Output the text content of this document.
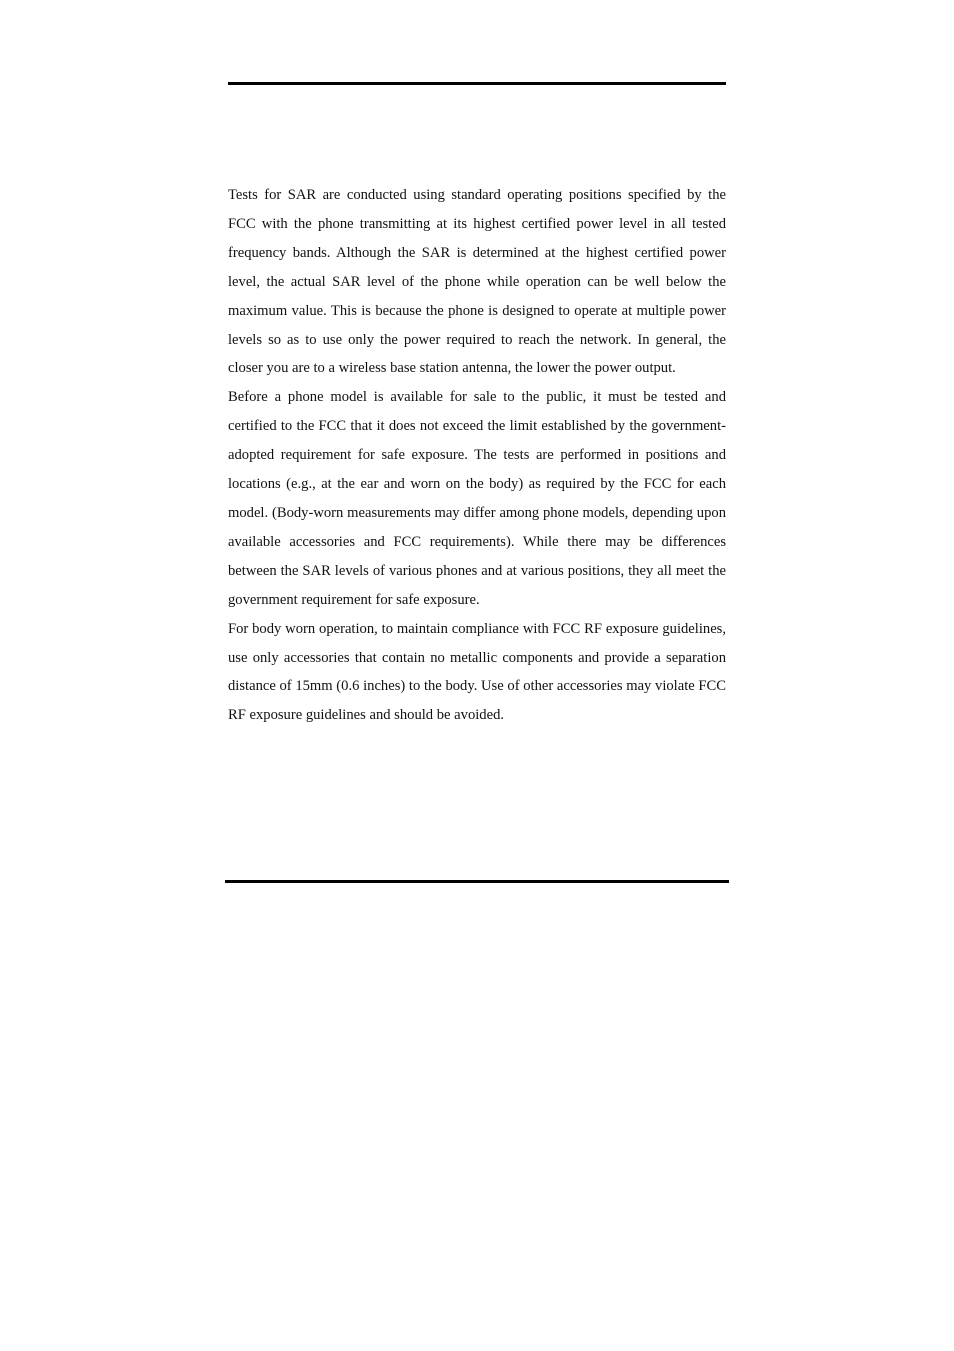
Tests for SAR are conducted using standard operating positions specified by the FCC with the phone transmitting at its highest certified power level in all tested frequency bands. Although the SAR is determined at the highest certified power level, the actual SAR level of the phone while operation can be well below the maximum value. This is because the phone is designed to operate at multiple power levels so as to use only the power required to reach the network. In general, the closer you are to a wireless base station antenna, the lower the power output.

Before a phone model is available for sale to the public, it must be tested and certified to the FCC that it does not exceed the limit established by the government-adopted requirement for safe exposure. The tests are performed in positions and locations (e.g., at the ear and worn on the body) as required by the FCC for each model. (Body-worn measurements may differ among phone models, depending upon available accessories and FCC requirements). While there may be differences between the SAR levels of various phones and at various positions, they all meet the government requirement for safe exposure.

For body worn operation, to maintain compliance with FCC RF exposure guidelines, use only accessories that contain no metallic components and provide a separation distance of 15mm (0.6 inches) to the body. Use of other accessories may violate FCC RF exposure guidelines and should be avoided.
